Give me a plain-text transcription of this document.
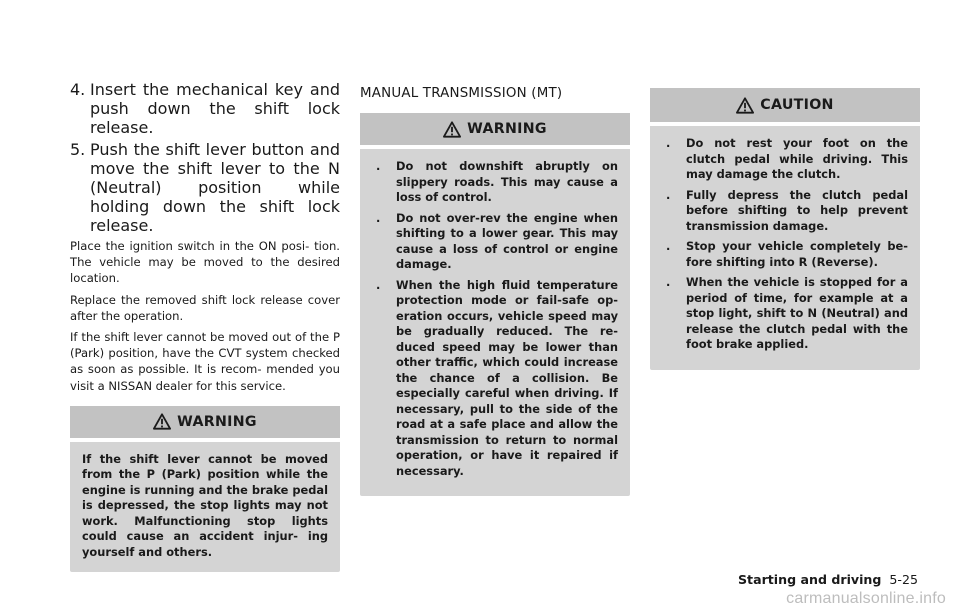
4. Insert the mechanical key and push down the shift lock release.
5. Push the shift lever button and move the shift lever to the N (Neutral) position while holding down the shift lock release.

Place the ignition switch in the ON posi‐ tion. The vehicle may be moved to the desired location.

Replace the removed shift lock release cover after the operation.

If the shift lever cannot be moved out of the P (Park) position, have the CVT system checked as soon as possible. It is recom‐ mended you visit a NISSAN dealer for this service.

WARNING

If the shift lever cannot be moved from the P (Park) position while the engine is running and the brake pedal is depressed, the stop lights may not work. Malfunctioning stop lights could cause an accident injur‐ ing yourself and others.

MANUAL TRANSMISSION (MT)
WARNING
.	Do not downshift abruptly on slippery roads. This may cause a loss of control.
.	Do not over-rev the engine when shifting to a lower gear. This may cause a loss of control or engine damage.
.	When the high fluid temperature protection mode or fail-safe op‐ eration occurs, vehicle speed may be gradually reduced. The re‐ duced speed may be lower than other traffic, which could increase the chance of a collision. Be especially careful when driving. If necessary, pull to the side of the road at a safe place and allow the transmission to return to normal operation, or have it repaired if necessary.
CAUTION
.	Do not rest your foot on the clutch pedal while driving. This may damage the clutch.
.	Fully depress the clutch pedal before shifting to help prevent transmission damage.
.	Stop your vehicle completely be‐ fore shifting into R (Reverse).
.	When the vehicle is stopped for a period of time, for example at a stop light, shift to N (Neutral) and release the clutch pedal with the foot brake applied.
Starting and driving 5-25
carmanualsonline.info
